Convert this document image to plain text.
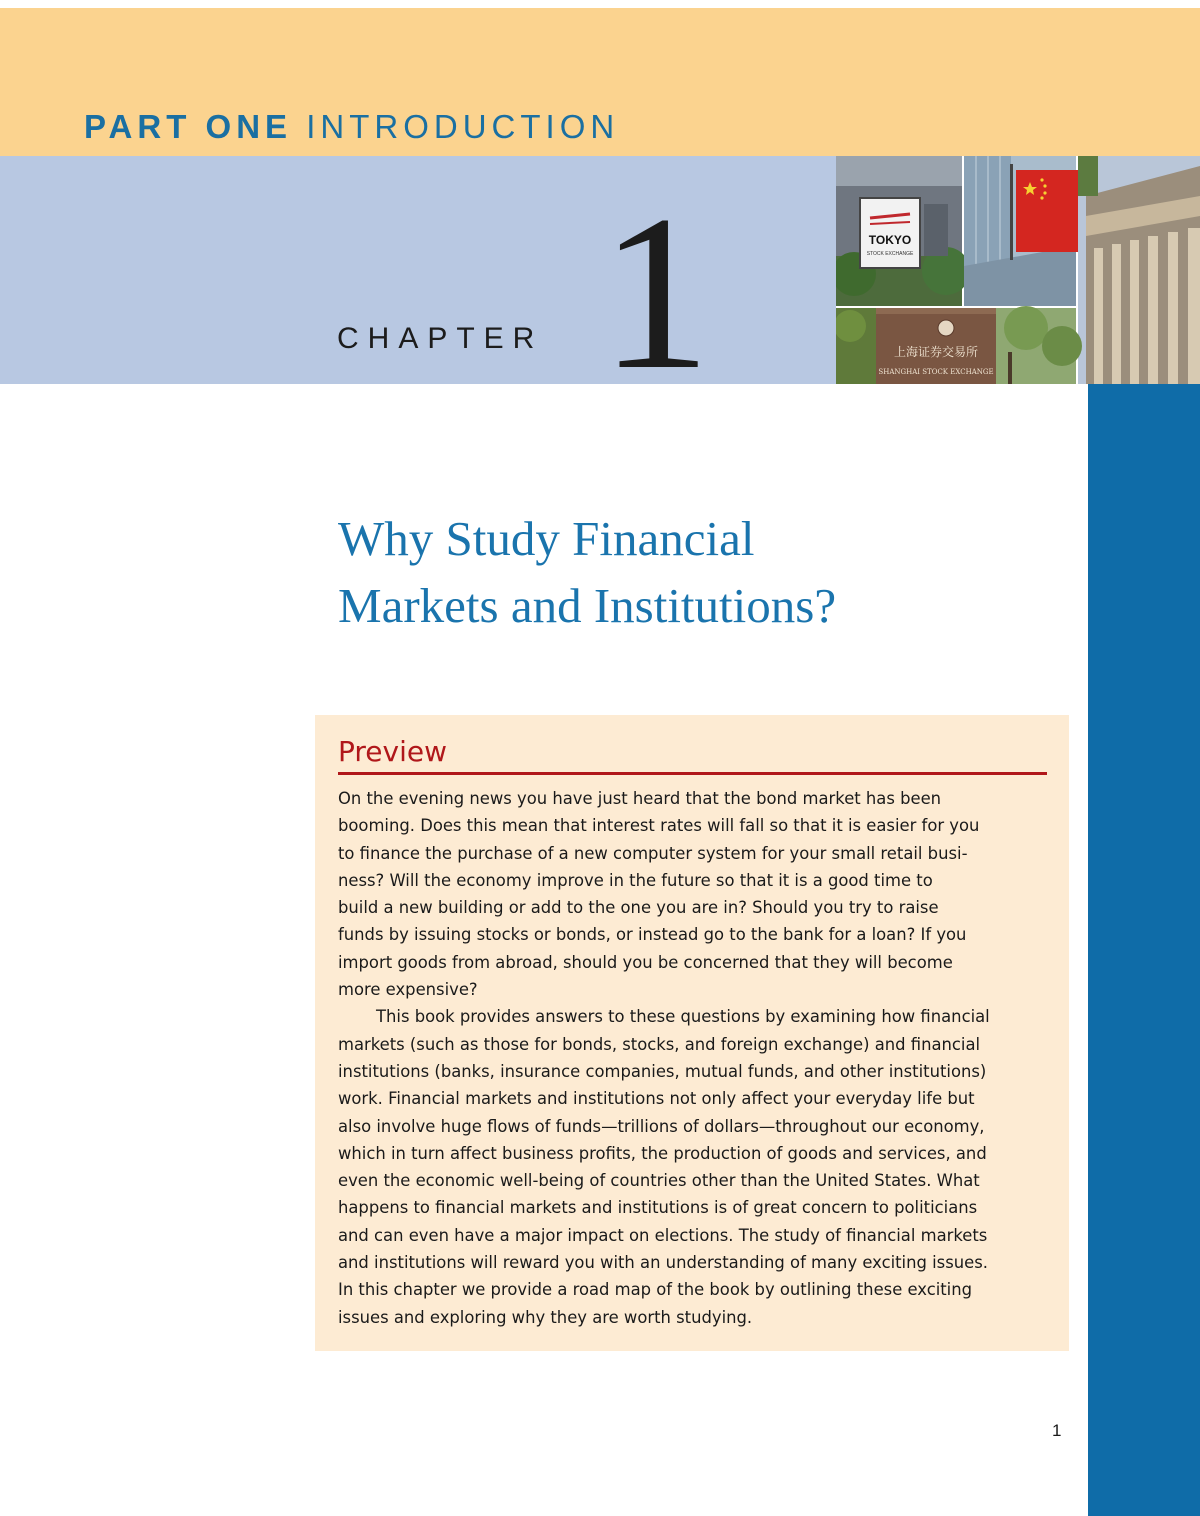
PART ONE INTRODUCTION
CHAPTER 1	TOKYO
STOCK EXCHANGE
上海证券交易所
SHANGHAI STOCK EXCHANGE
Why Study Financial
Markets and Institutions?
Preview

On the evening news you have just heard that the bond market has been
booming. Does this mean that interest rates will fall so that it is easier for you
to finance the purchase of a new computer system for your small retail busi-
ness? Will the economy improve in the future so that it is a good time to
build a new building or add to the one you are in? Should you try to raise
funds by issuing stocks or bonds, or instead go to the bank for a loan? If you
import goods from abroad, should you be concerned that they will become
more expensive?

This book provides answers to these questions by examining how financial
markets (such as those for bonds, stocks, and foreign exchange) and financial
institutions (banks, insurance companies, mutual funds, and other institutions)
work. Financial markets and institutions not only affect your everyday life but
also involve huge flows of funds—trillions of dollars—throughout our economy,
which in turn affect business profits, the production of goods and services, and
even the economic well-being of countries other than the United States. What
happens to financial markets and institutions is of great concern to politicians
and can even have a major impact on elections. The study of financial markets
and institutions will reward you with an understanding of many exciting issues.
In this chapter we provide a road map of the book by outlining these exciting
issues and exploring why they are worth studying.

1
